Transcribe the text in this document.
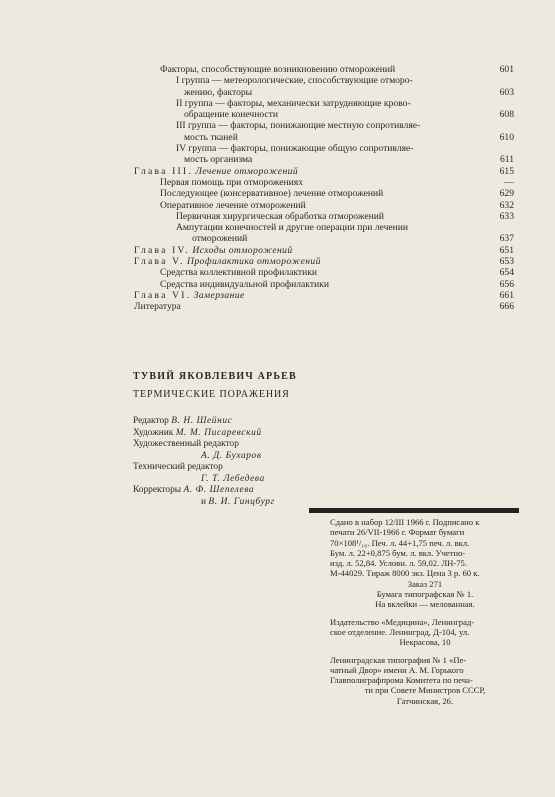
Факторы, способствующие возникновению отморожений	601
I группа — метеорологические, способствующие отморо-
жению, факторы	603
II группа — факторы, механически затрудняющие крово-
обращение конечности	608
III группа — факторы, понижающие местную сопротивляе-
мость тканей	610
IV группа — факторы, понижающие общую сопротивляе-
мость организма	611
Глава III. Лечение отморожений	615
Первая помощь при отморожениях	—
Последующее (консервативное) лечение отморожений	629
Оперативное лечение отморожений	632
Первичная хирургическая обработка отморожений	633
Ампутации конечностей и другие операции при лечении
отморожений	637
Глава IV. Исходы отморожений	651
Глава V. Профилактика отморожений	653
Средства коллективной профилактики	654
Средства индивидуальной профилактики	656
Глава VI. Замерзание	661
Литература	666
ТУВИЙ ЯКОВЛЕВИЧ АРЬЕВ
ТЕРМИЧЕСКИЕ ПОРАЖЕНИЯ
Редактор В. Н. Шейнис
Художник М. М. Писаревский
Художественный редактор
А. Д. Бухаров
Технический редактор
Г. Т. Лебедева
Корректоры А. Ф. Шепелева
и В. И. Гинцбург

Сдано в набор 12/III 1966 г. Подписано к

печати 26/VII-1966 г. Формат бумаги

70×108¹/₁₆. Печ. л. 44+1,75 печ. л. вкл.

Бум. л. 22+0,875 бум. л. вкл. Учетно-

изд. л. 52,84. Условн. л. 59,02. ЛН-75.

М-44029. Тираж 8000 экз. Цена 3 р. 60 к.

Заказ 271

Бумага типографская № 1.

На вклейки — мелованная.

Издательство «Медицина», Ленинград-

ское отделение. Ленинград, Д-104, ул.

Некрасова, 10

Ленинградская типография № 1 «Пе-

чатный Двор» имени А. М. Горького

Главполиграфпрома Комитета по печа-

ти при Совете Министров СССР,

Гатчинская, 26.
